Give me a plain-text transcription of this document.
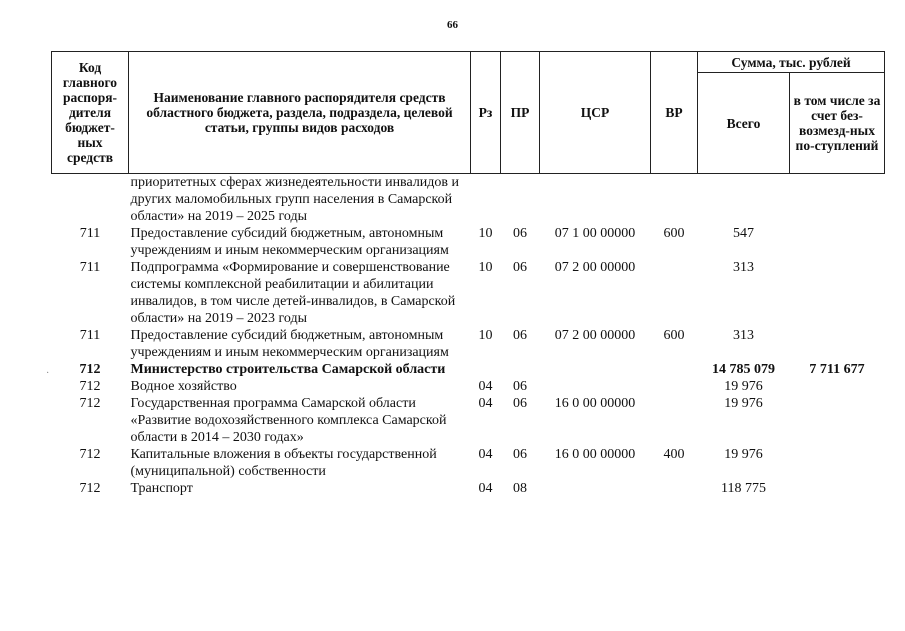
66
Код главного распоря-дителя бюджет-ных средств	Наименование главного распорядителя средств областного бюджета, раздела, подраздела, целевой статьи, группы видов расходов	Рз	ПР	ЦСР	ВР	Сумма, тыс. рублей	
						Всего	в том числе за счет без-возмезд-ных по-ступлений
	приоритетных сферах жизнедеятельности инвалидов и других маломобильных групп населения в Самарской области» на 2019 – 2025 годы						
711	Предоставление субсидий бюджетным, автономным учреждениям и иным некоммерческим организациям	10	06	07 1 00 00000	600	547	
711	Подпрограмма «Формирование и совершенствование системы комплексной реабилитации и абилитации инвалидов, в том числе детей-инвалидов, в Самарской области» на 2019 – 2023 годы	10	06	07 2 00 00000		313	
711	Предоставление субсидий бюджетным, автономным учреждениям и иным некоммерческим организациям	10	06	07 2 00 00000	600	313	
712	Министерство строительства Самарской области					14 785 079	7 711 677
712	Водное хозяйство	04	06			19 976	
712	Государственная программа Самарской области «Развитие водохозяйственного комплекса Самарской области в 2014 – 2030 годах»	04	06	16 0 00 00000		19 976	
712	Капитальные вложения в объекты государственной (муниципальной) собственности	04	06	16 0 00 00000	400	19 976	
712	Транспорт	04	08			118 775	
·
